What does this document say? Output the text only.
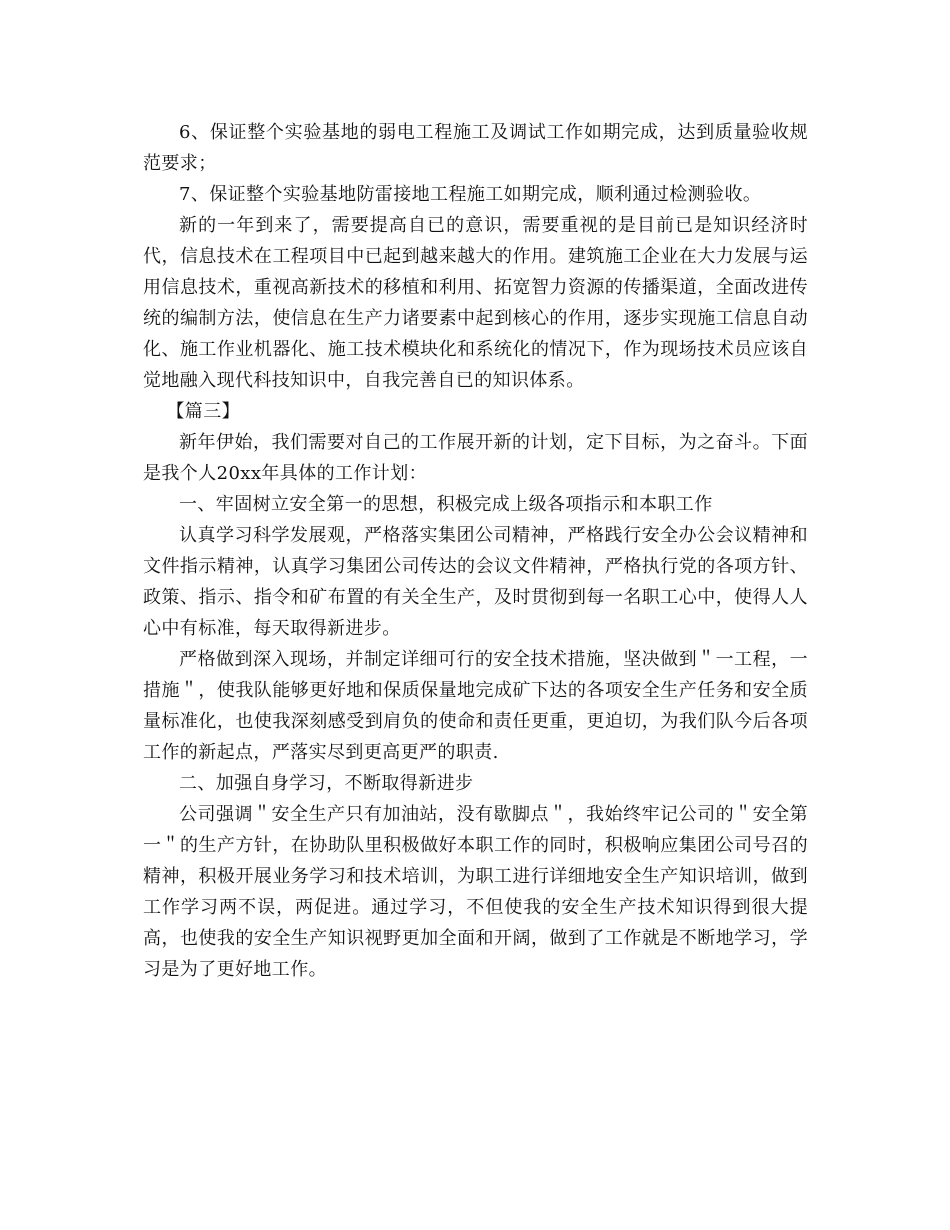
6、保证整个实验基地的弱电工程施工及调试工作如期完成，达到质量验收规范要求；

7、保证整个实验基地防雷接地工程施工如期完成，顺利通过检测验收。

新的一年到来了，需要提高自已的意识，需要重视的是目前已是知识经济时代，信息技术在工程项目中已起到越来越大的作用。建筑施工企业在大力发展与运用信息技术，重视高新技术的移植和利用、拓宽智力资源的传播渠道，全面改进传统的编制方法，使信息在生产力诸要素中起到核心的作用，逐步实现施工信息自动化、施工作业机器化、施工技术模块化和系统化的情况下，作为现场技术员应该自觉地融入现代科技知识中，自我完善自已的知识体系。

【篇三】

新年伊始，我们需要对自己的工作展开新的计划，定下目标，为之奋斗。下面是我个人20xx年具体的工作计划：

一、牢固树立安全第一的思想，积极完成上级各项指示和本职工作

认真学习科学发展观，严格落实集团公司精神，严格践行安全办公会议精神和文件指示精神，认真学习集团公司传达的会议文件精神，严格执行党的各项方针、政策、指示、指令和矿布置的有关全生产，及时贯彻到每一名职工心中，使得人人心中有标准，每天取得新进步。

严格做到深入现场，并制定详细可行的安全技术措施，坚决做到＂一工程，一措施＂，使我队能够更好地和保质保量地完成矿下达的各项安全生产任务和安全质量标准化，也使我深刻感受到肩负的使命和责任更重，更迫切，为我们队今后各项工作的新起点，严落实尽到更高更严的职责.

二、加强自身学习，不断取得新进步

公司强调＂安全生产只有加油站，没有歇脚点＂，我始终牢记公司的＂安全第一＂的生产方针，在协助队里积极做好本职工作的同时，积极响应集团公司号召的精神，积极开展业务学习和技术培训，为职工进行详细地安全生产知识培训，做到工作学习两不误，两促进。通过学习，不但使我的安全生产技术知识得到很大提高，也使我的安全生产知识视野更加全面和开阔，做到了工作就是不断地学习，学习是为了更好地工作。
